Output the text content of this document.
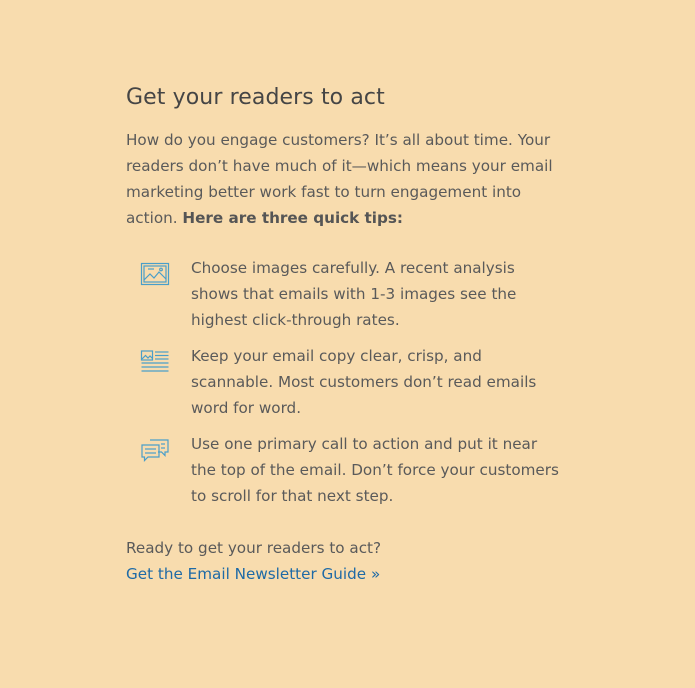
Get your readers to act

How do you engage customers? It’s all about time. Your readers don’t have much of it—which means your email marketing better work fast to turn engagement into action. Here are three quick tips:

Choose images carefully. A recent analysis shows that emails with 1-3 images see the highest click-through rates.
Keep your email copy clear, crisp, and scannable. Most customers don’t read emails word for word.
Use one primary call to action and put it near the top of the email. Don’t force your customers to scroll for that next step.
Ready to get your readers to act?
Get the Email Newsletter Guide »
